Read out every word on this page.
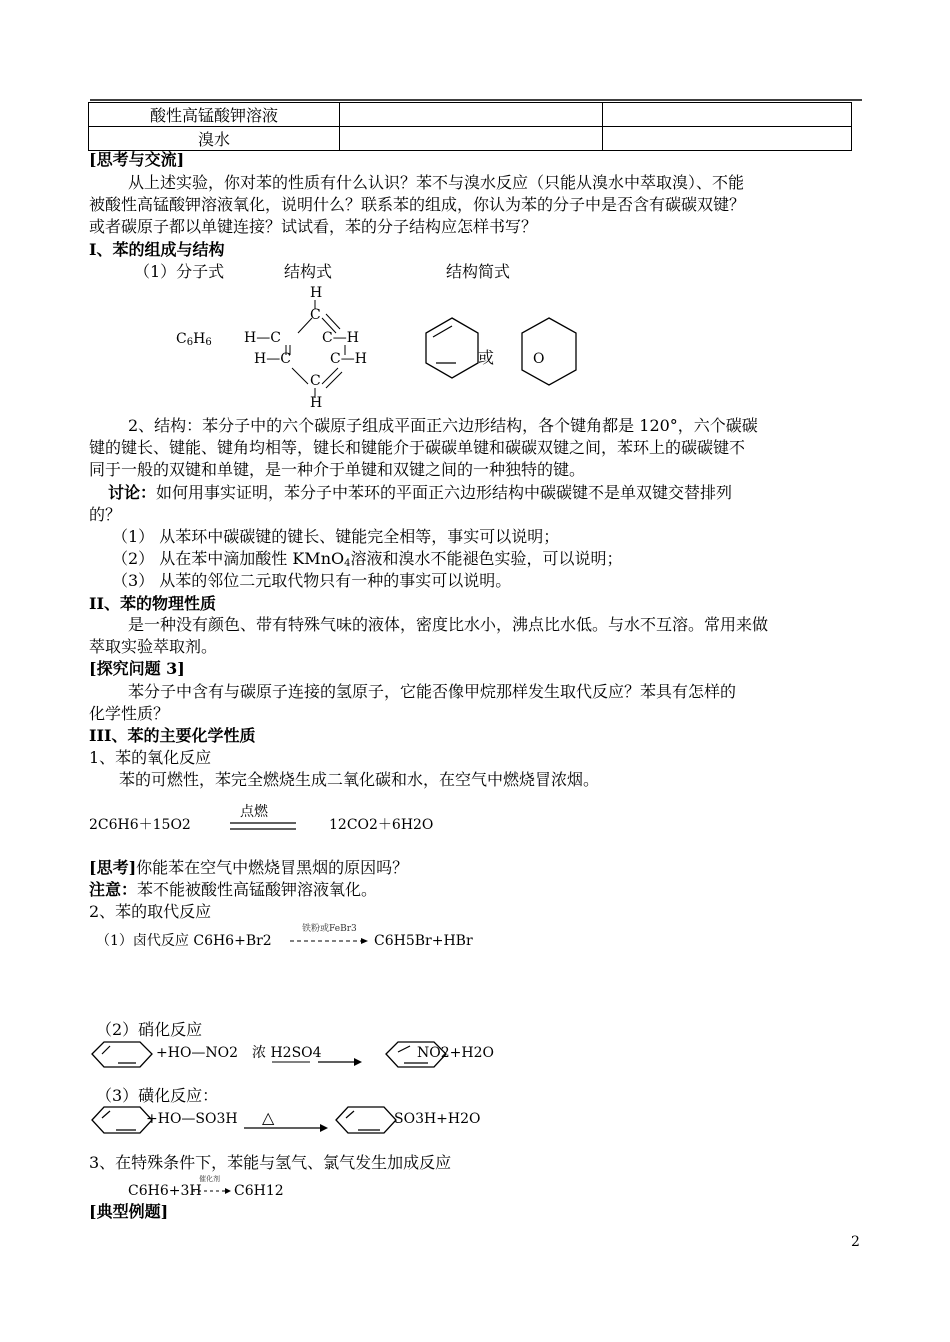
酸性高锰酸钾溶液		
溴水		
[思考与交流]
从上述实验，你对苯的性质有什么认识？苯不与溴水反应（只能从溴水中萃取溴）、不能
被酸性高锰酸钾溶液氧化，说明什么？联系苯的组成，你认为苯的分子中是否含有碳碳双键？
或者碳原子都以单键连接？试试看，苯的分子结构应怎样书写？
I、苯的组成与结构
（1）分子式	结构式	结构简式
$C_6H_6$
H
C
H—C	C—H
H—C	C—H
C
H
或	O
2、结构：苯分子中的六个碳原子组成平面正六边形结构，各个键角都是 120°，六个碳碳
键的键长、键能、键角均相等，键长和键能介于碳碳单键和碳碳双键之间，苯环上的碳碳键不
同于一般的双键和单键，是一种介于单键和双键之间的一种独特的键。
讨论：如何用事实证明，苯分子中苯环的平面正六边形结构中碳碳键不是单双键交替排列
的？
（1） 从苯环中碳碳键的键长、键能完全相等，事实可以说明；
（2） 从在苯中滴加酸性 KMnO$_4$溶液和溴水不能褪色实验，可以说明；
（3） 从苯的邻位二元取代物只有一种的事实可以说明。
II、苯的物理性质
是一种没有颜色、带有特殊气味的液体，密度比水小，沸点比水低。与水不互溶。常用来做
萃取实验萃取剂。
[探究问题 3]
苯分子中含有与碳原子连接的氢原子，它能否像甲烷那样发生取代反应？苯具有怎样的
化学性质？
III、苯的主要化学性质
1、苯的氧化反应
苯的可燃性，苯完全燃烧生成二氧化碳和水，在空气中燃烧冒浓烟。
2C6H6＋15O2
点燃
12CO2＋6H2O
[思考]你能苯在空气中燃烧冒黑烟的原因吗？
注意：苯不能被酸性高锰酸钾溶液氧化。
2、苯的取代反应
（1）卤代反应 C6H6+Br2
铁粉或FeBr3
C6H5Br+HBr
（2）硝化反应
+HO—NO2 浓 H2SO4	NO2+H2O
（3）磺化反应：
+HO—SO3H △	SO3H+H2O
3、在特殊条件下，苯能与氢气、氯气发生加成反应
C6H6+3H
催化剂
C6H12
[典型例题]
2
